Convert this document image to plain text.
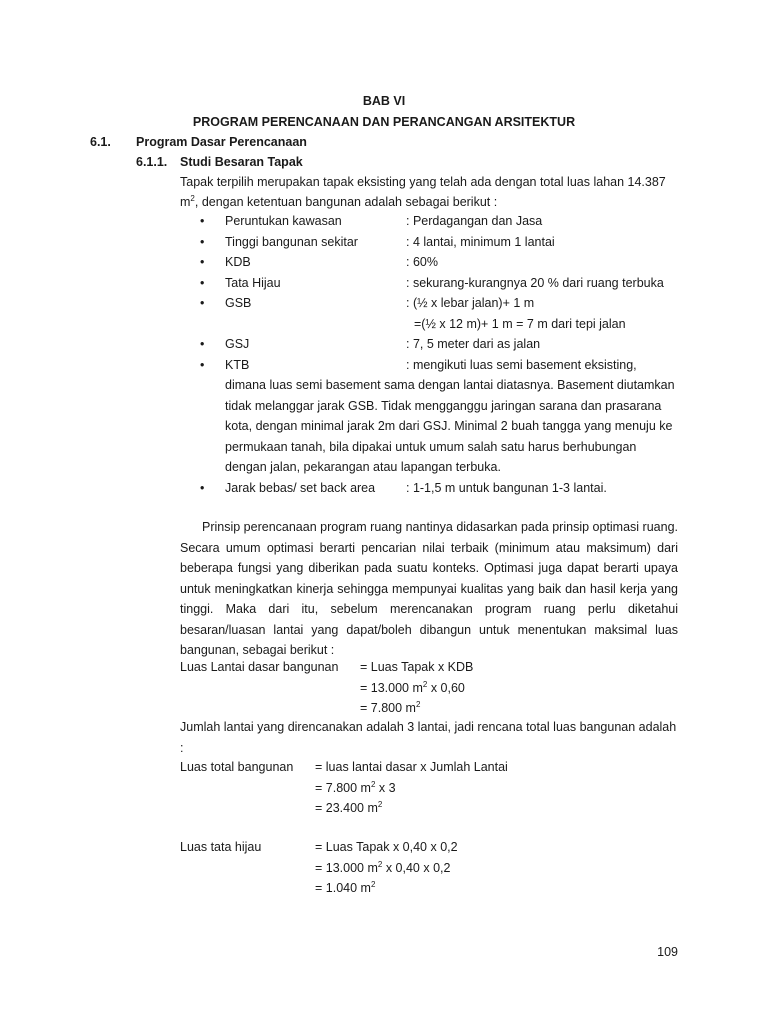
BAB VI
PROGRAM PERENCANAAN DAN PERANCANGAN ARSITEKTUR
6.1. Program Dasar Perencanaan
6.1.1. Studi Besaran Tapak
Tapak terpilih merupakan tapak eksisting yang telah ada dengan total luas lahan 14.387
$m^2$, dengan ketentuan bangunan adalah sebagai berikut :
• Peruntukan kawasan	: Perdagangan dan Jasa
• Tinggi bangunan sekitar	: 4 lantai, minimum 1 lantai
• KDB	: 60%
• Tata Hijau	: sekurang-kurangnya 20 % dari ruang terbuka
• GSB	: (½ x lebar jalan)+ 1 m
=(½ x 12 m)+ 1 m = 7 m dari tepi jalan
• GSJ	: 7, 5 meter dari as jalan
• KTB	: mengikuti luas semi basement eksisting,
dimana luas semi basement sama dengan lantai diatasnya. Basement diutamkan
tidak melanggar jarak GSB. Tidak mengganggu jaringan sarana dan prasarana
kota, dengan minimal jarak 2m dari GSJ. Minimal 2 buah tangga yang menuju ke
permukaan tanah, bila dipakai untuk umum salah satu harus berhubungan
dengan jalan, pekarangan atau lapangan terbuka.
• Jarak bebas/ set back area : 1-1,5 m untuk bangunan 1-3 lantai.
Prinsip perencanaan program ruang nantinya didasarkan pada prinsip optimasi ruang. Secara umum optimasi berarti pencarian nilai terbaik (minimum atau maksimum) dari beberapa fungsi yang diberikan pada suatu konteks. Optimasi juga dapat berarti upaya untuk meningkatkan kinerja sehingga mempunyai kualitas yang baik dan hasil kerja yang tinggi. Maka dari itu, sebelum merencanakan program ruang perlu diketahui besaran/luasan lantai yang dapat/boleh dibangun untuk menentukan maksimal luas bangunan, sebagai berikut :
Luas Lantai dasar bangunan = Luas Tapak x KDB
= 13.000 $m^2$ x 0,60
= 7.800 $m^2$
Jumlah lantai yang direncanakan adalah 3 lantai, jadi rencana total luas bangunan adalah
:
Luas total bangunan = luas lantai dasar x Jumlah Lantai
= 7.800 $m^2$ x 3
= 23.400 $m^2$
Luas tata hijau	= Luas Tapak x 0,40 x 0,2
= 13.000 $m^2$ x 0,40 x 0,2
= 1.040 $m^2$
109
